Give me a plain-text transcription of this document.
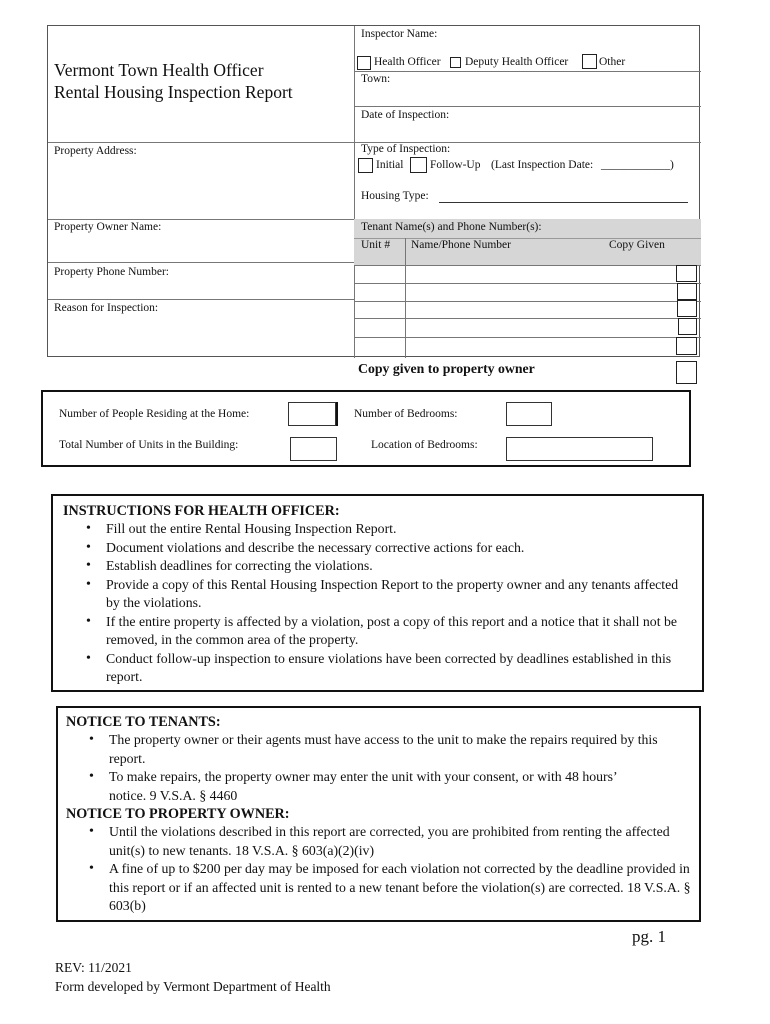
Vermont Town Health Officer
Rental Housing Inspection Report
Inspector Name:
Health Officer Deputy Health Officer	Other
Town:
Date of Inspection:
Property Address:	Type of Inspection:
Initial Follow-Up (Last Inspection Date: ____________)
Housing Type:
Property Owner Name:	Tenant Name(s) and Phone Number(s):
Unit # Name/Phone Number	Copy Given
Property Phone Number:
Reason for Inspection:
Copy given to property owner
Number of People Residing at the Home:	Number of Bedrooms:
Total Number of Units in the Building:	Location of Bedrooms:
INSTRUCTIONS FOR HEALTH OFFICER:
• Fill out the entire Rental Housing Inspection Report.
• Document violations and describe the necessary corrective actions for each.
• Establish deadlines for correcting the violations.
• Provide a copy of this Rental Housing Inspection Report to the property owner and any tenants affected by the violations.
• If the entire property is affected by a violation, post a copy of this report and a notice that it shall not be removed, in the common area of the property.
• Conduct follow-up inspection to ensure violations have been corrected by deadlines established in this report.
NOTICE TO TENANTS:
• The property owner or their agents must have access to the unit to make the repairs required by this report.
• To make repairs, the property owner may enter the unit with your consent, or with 48 hours’ notice. 9 V.S.A. § 4460
NOTICE TO PROPERTY OWNER:
• Until the violations described in this report are corrected, you are prohibited from renting the affected unit(s) to new tenants. 18 V.S.A. § 603(a)(2)(iv)
• A fine of up to $200 per day may be imposed for each violation not corrected by the deadline provided in this report or if an affected unit is rented to a new tenant before the violation(s) are corrected. 18 V.S.A. § 603(b)
pg. 1
REV: 11/2021
Form developed by Vermont Department of Health
